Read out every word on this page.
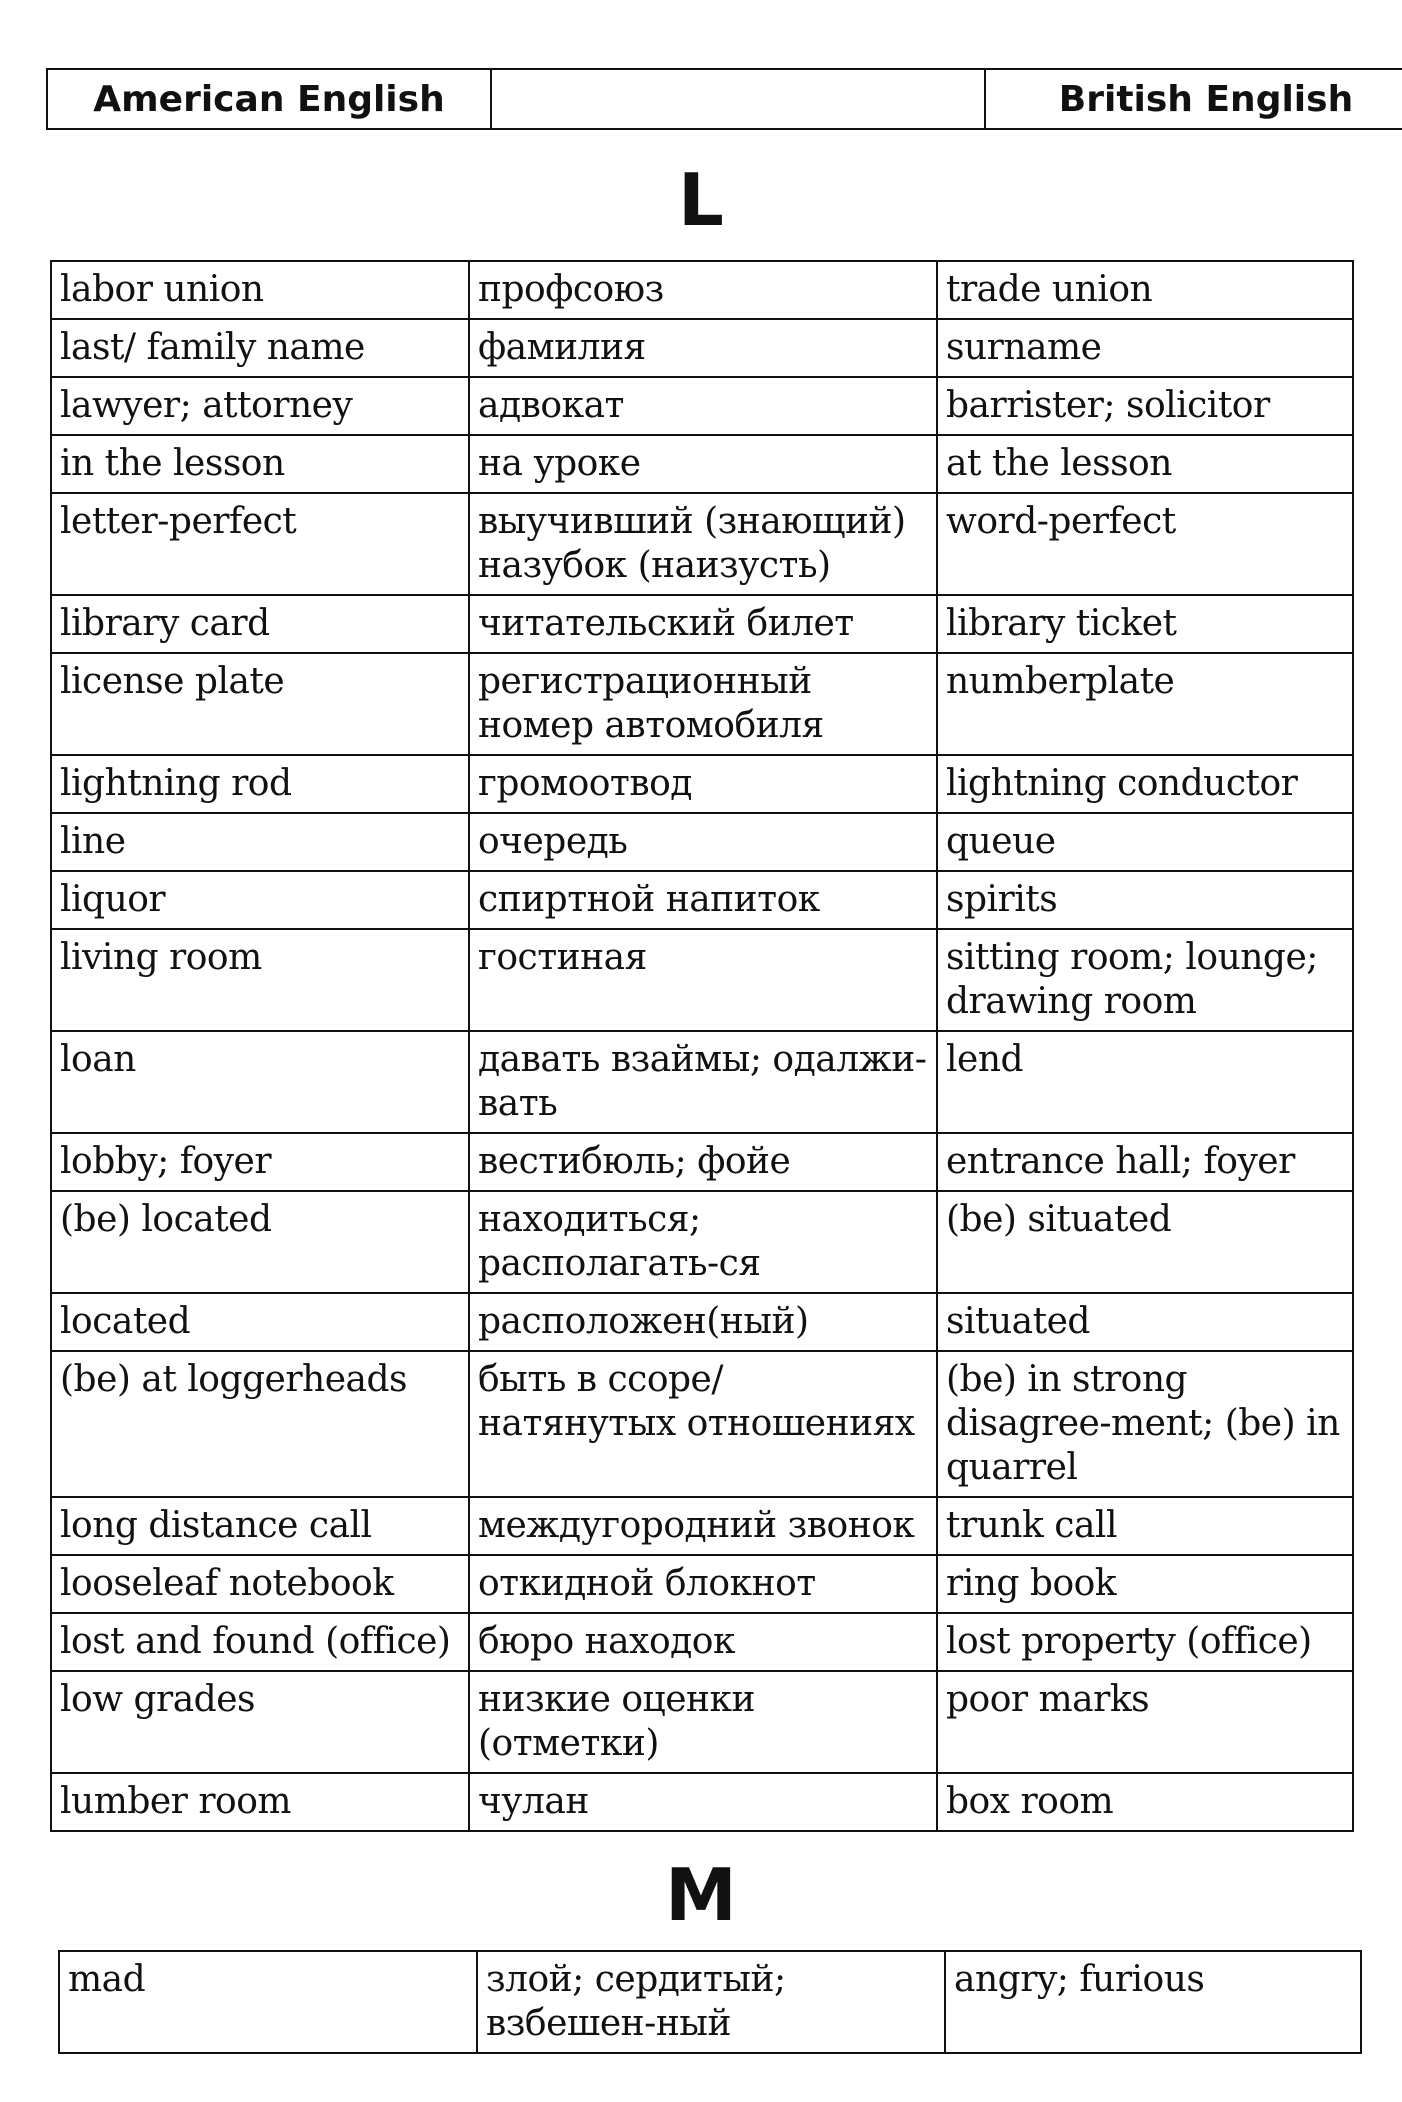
American English		British English
L
labor union	профсоюз	trade union
last/ family name	фамилия	surname
lawyer; attorney	адвокат	barrister; solicitor
in the lesson	на уроке	at the lesson
letter-perfect	выучивший (знающий) назубок (наизусть)	word-perfect
library card	читательский билет	library ticket
license plate	регистрационный номер автомобиля	numberplate
lightning rod	громоотвод	lightning conductor
line	очередь	queue
liquor	спиртной напиток	spirits
living room	гостиная	sitting room; lounge; drawing room
loan	давать взаймы; одалжи-вать	lend
lobby; foyer	вестибюль; фойе	entrance hall; foyer
(be) located	находиться; располагать-ся	(be) situated
located	расположен(ный)	situated
(be) at loggerheads	быть в ссоре/ натянутых отношениях	(be) in strong disagree-ment; (be) in quarrel
long distance call	междугородний звонок	trunk call
looseleaf notebook	откидной блокнот	ring book
lost and found (office)	бюро находок	lost property (office)
low grades	низкие оценки (отметки)	poor marks
lumber room	чулан	box room
M
mad	злой; сердитый; взбешен-ный	angry; furious
